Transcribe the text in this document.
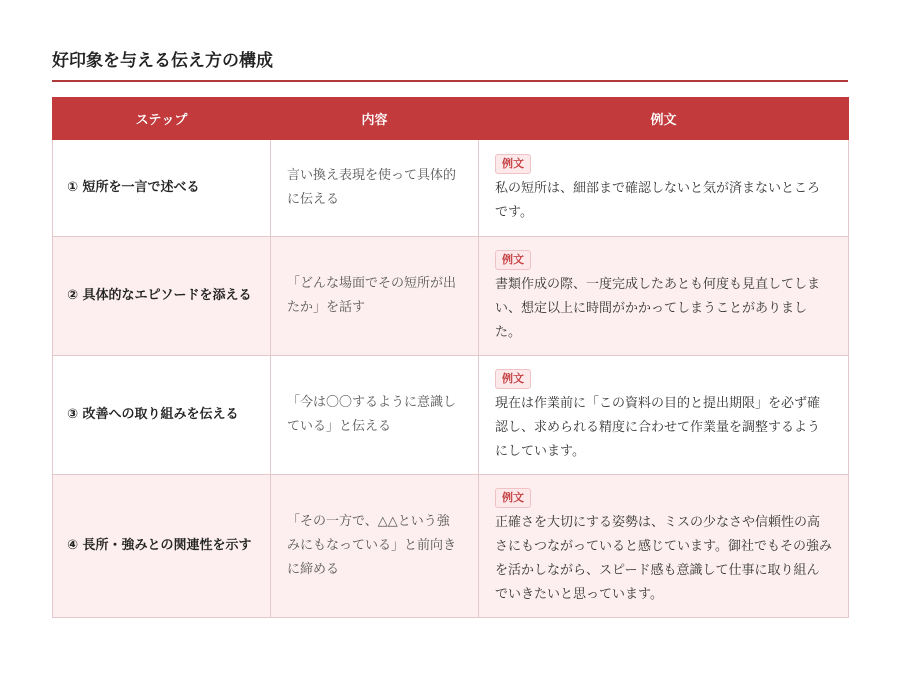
好印象を与える伝え方の構成
ステップ	内容	例文
① 短所を一言で述べる	言い換え表現を使って具体的に伝える	例文
私の短所は、細部まで確認しないと気が済まないところです。

② 具体的なエピソードを添える	「どんな場面でその短所が出たか」を話す	例文
書類作成の際、一度完成したあとも何度も見直してしまい、想定以上に時間がかかってしまうことがありました。

③ 改善への取り組みを伝える	「今は〇〇するように意識している」と伝える	例文
現在は作業前に「この資料の目的と提出期限」を必ず確認し、求められる精度に合わせて作業量を調整するようにしています。

④ 長所・強みとの関連性を示す	「その一方で、△△という強みにもなっている」と前向きに締める	例文
正確さを大切にする姿勢は、ミスの少なさや信頼性の高さにもつながっていると感じています。御社でもその強みを活かしながら、スピード感も意識して仕事に取り組んでいきたいと思っています。
